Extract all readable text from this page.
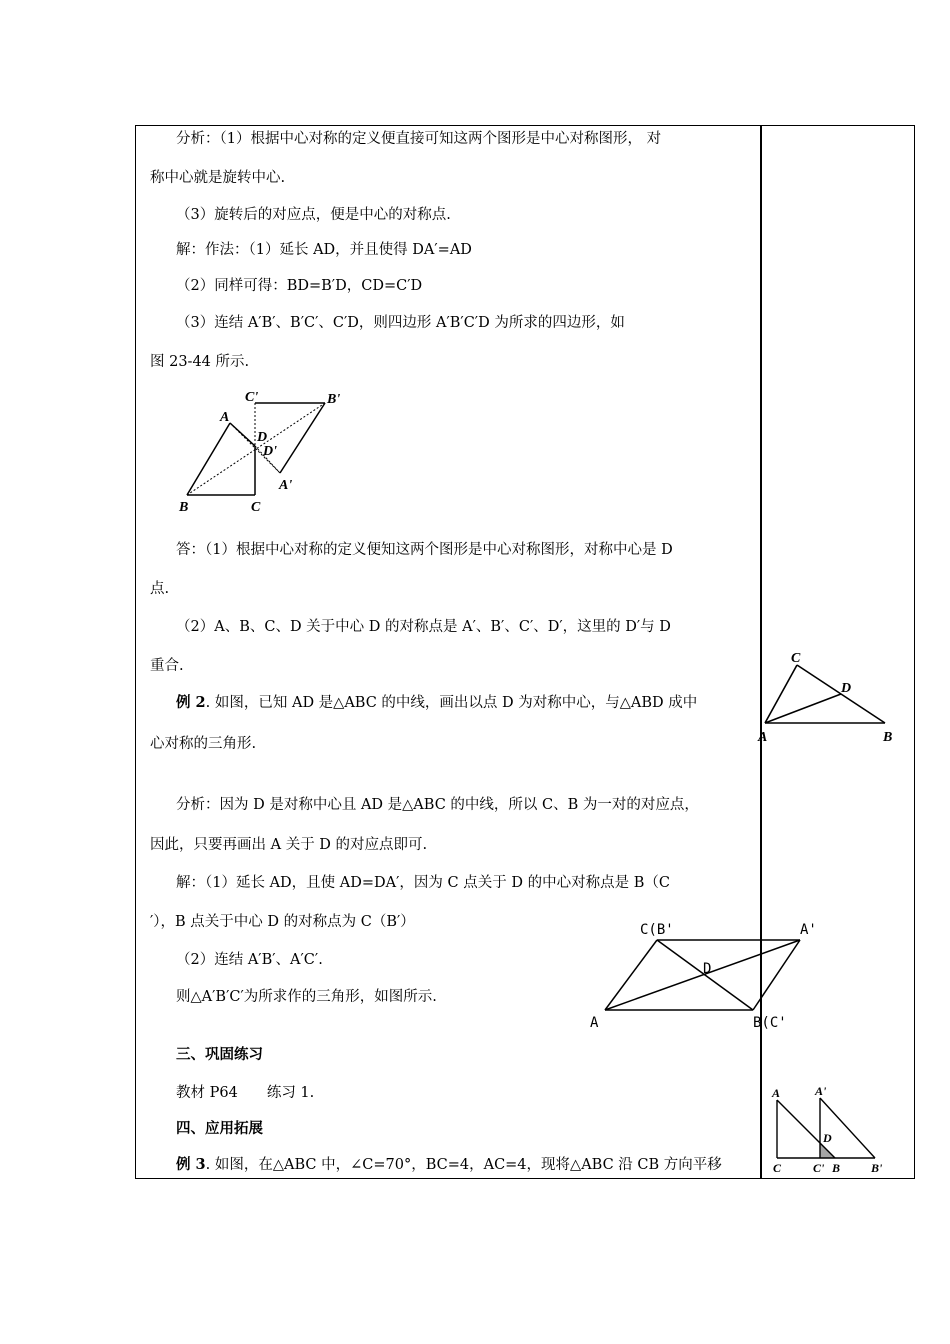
分析：（1）根据中心对称的定义便直接可知这两个图形是中心对称图形， 对
称中心就是旋转中心.
（3）旋转后的对应点，便是中心的对称点.
解：作法：（1）延长 AD，并且使得 DA′=AD
（2）同样可得：BD=B′D，CD=C′D
（3）连结 A′B′、B′C′、C′D，则四边形 A′B′C′D 为所求的四边形，如
图 23-44 所示.
A
B	C
D
C'	B'
D'
A'
答：（1）根据中心对称的定义便知这两个图形是中心对称图形，对称中心是 D
点.
（2）A、B、C、D 关于中心 D 的对称点是 A′、B′、C′、D′，这里的 D′与 D
重合.
例 2. 如图，已知 AD 是△ABC 的中线，画出以点 D 为对称中心，与△ABD 成中
心对称的三角形.
C
D
A	B
分析：因为 D 是对称中心且 AD 是△ABC 的中线，所以 C、B 为一对的对应点，
因此，只要再画出 A 关于 D 的对应点即可.
解：（1）延长 AD，且使 AD=DA′，因为 C 点关于 D 的中心对称点是 B（C
′），B 点关于中心 D 的对称点为 C（B′）
（2）连结 A′B′、A′C′.
则△A′B′C′为所求作的三角形，如图所示.
C(B'	A'
D
A	B(C'
三、巩固练习
教材 P64　　练习 1.
四、应用拓展
例 3. 如图，在△ABC 中，∠C=70°，BC=4，AC=4，现将△ABC 沿 CB 方向平移
A	A'
D
C	C' B	B'
